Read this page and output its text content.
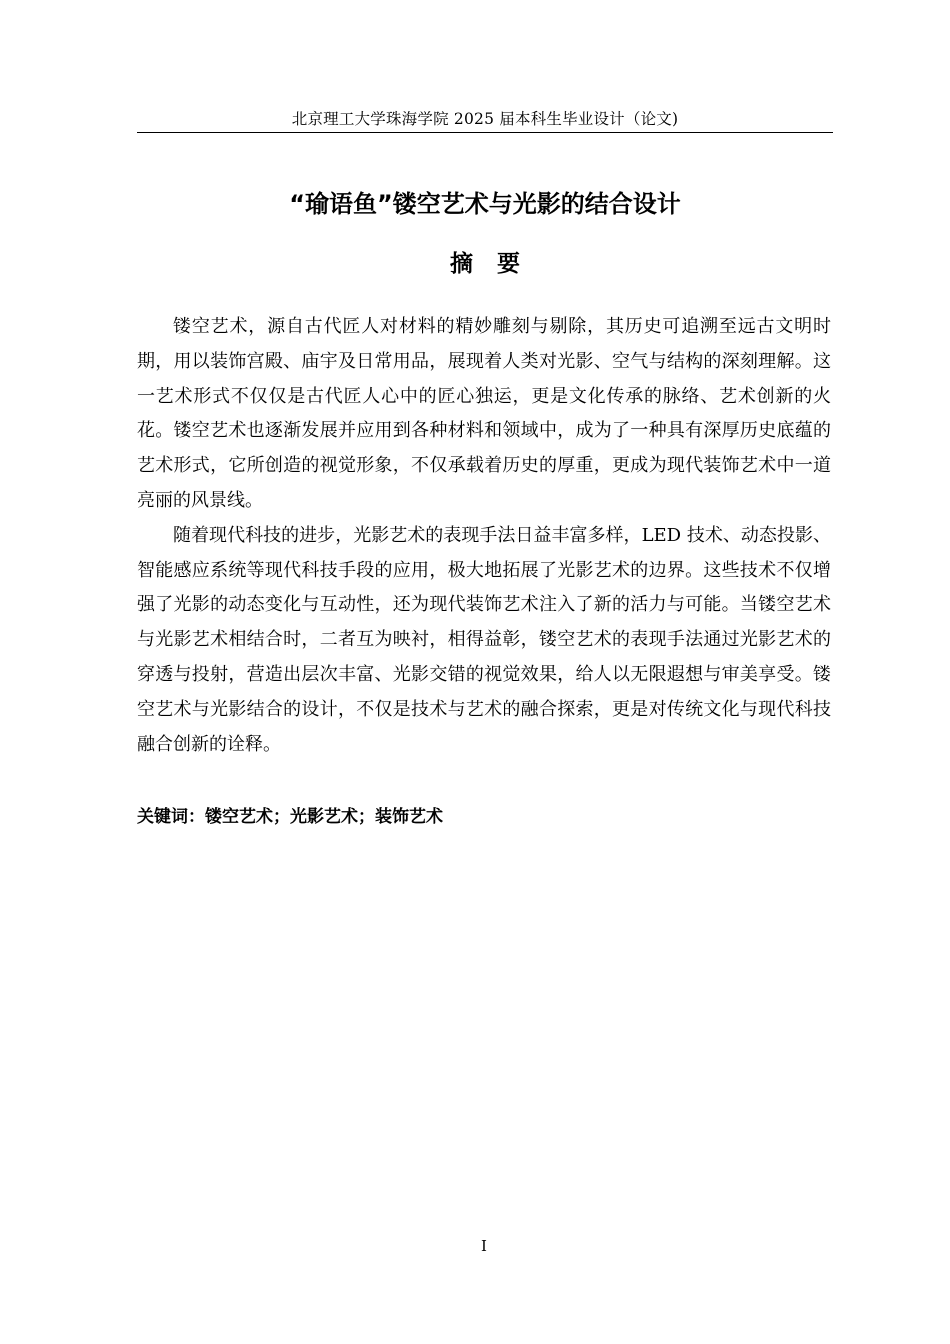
北京理工大学珠海学院 2025 届本科生毕业设计（论文)
“瑜语鱼”镂空艺术与光影的结合设计
摘 要

镂空艺术，源自古代匠人对材料的精妙雕刻与剔除，其历史可追溯至远古文明时期，用以装饰宫殿、庙宇及日常用品，展现着人类对光影、空气与结构的深刻理解。这一艺术形式不仅仅是古代匠人心中的匠心独运，更是文化传承的脉络、艺术创新的火花。镂空艺术也逐渐发展并应用到各种材料和领域中，成为了一种具有深厚历史底蕴的艺术形式，它所创造的视觉形象，不仅承载着历史的厚重，更成为现代装饰艺术中一道亮丽的风景线。

随着现代科技的进步，光影艺术的表现手法日益丰富多样，LED 技术、动态投影、智能感应系统等现代科技手段的应用，极大地拓展了光影艺术的边界。这些技术不仅增强了光影的动态变化与互动性，还为现代装饰艺术注入了新的活力与可能。当镂空艺术与光影艺术相结合时，二者互为映衬，相得益彰，镂空艺术的表现手法通过光影艺术的穿透与投射，营造出层次丰富、光影交错的视觉效果，给人以无限遐想与审美享受。镂空艺术与光影结合的设计，不仅是技术与艺术的融合探索，更是对传统文化与现代科技融合创新的诠释。

关键词：镂空艺术；光影艺术；装饰艺术
I
